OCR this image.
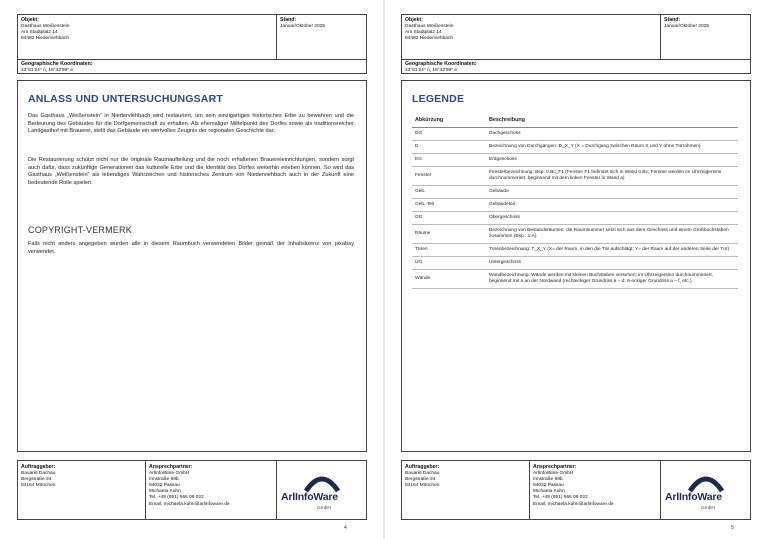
Objekt:
Gasthaus Weißenstein
Am Stadtplatz 14
94482 Niederviehbach
Stand:
Januar/Oktober 2025
Geographische Koordinaten:
43°61'24'' n, 18°43'99'' e
ANLASS UND UNTERSUCHUNGSART
Das Gasthaus „Weißenstein“ in Niederviehbach wird restauriert, um sein einzigartiges historisches Erbe zu bewahren und die Bedeutung des Gebäudes für die Dorfgemeinschaft zu erhalten. Als ehemaliger Mittelpunkt des Dorfes sowie als traditionsreicher Landgasthof mit Brauerei, stellt das Gebäude ein wertvolles Zeugnis der regionalen Geschichte dar.
Die Restaurierung schützt nicht nur die originale Raumaufteilung und die noch erhaltenen Brauereieinrichtungen, sondern sorgt auch dafür, dass zukünftige Generationen das kulturelle Erbe und die Identität des Dorfes weiterhin erleben können. So wird das Gasthaus „Weißenstein“ als lebendiges Wahrzeichen und historisches Zentrum von Niederviehbach auch in der Zukunft eine bedeutende Rolle spielen.
COPYRIGHT-VERMERK
Falls nicht anders angegeben wurden alle in diesem Raumbuch verwendeten Bilder gemäß der Inhaltslizenz von pixabay verwendet.
Auftraggeber:
Bauamt Dachau
Bergstraße 34
84164 München
Ansprechpartner:
ArlInfoWare GmbH
Innstraße 69b
94032 Passau
Michaela Kuhn
Tel. +49 (851) 966 09 022
Email: michaela.kuhn@arlinfoware.de
ArlInfoWare
GmbH
4
Objekt:
Gasthaus Weißenstein
Am Stadtplatz 14
94482 Niederviehbach
Stand:
Januar/Oktober 2025
Geographische Koordinaten:
43°61'24'' n, 18°43'99'' e
LEGENDE
Abkürzung	Beschreibung
DG	Dachgeschoss
D	Bezeichnung von Durchgängen: D_X_Y (X = Durchgang zwischen Raum X und Y ohne Türrahmen)
EG	Erdgeschoss
Fenster	Fensterbezeichnung: Bsp. 0.Bc_F1 (Fenster F1 befindet sich in Wand 0.Bc; Fenster werden im Uhrzeigersinn durchnummeriert, beginnend mit dem linken Fenster in Wand a)
Geb.	Gebäude
Geb.-Teil	Gebäudeteil
OG	Obergeschoss
Räume	Bezeichnung von Bestandsräumen: die Raumnummer setzt sich aus dem Geschoss und einem Großbuchstaben zusammen (Bsp.: 1.A)
Türen	Türenbezeichnung: T_X_Y (X= der Raum, in den die Tür aufschlägt; Y= der Raum auf der anderen Seite der Tür)
UG	Untergeschoss
Wände	Wandbezeichnung: Wände werden mit kleinen Buchstaben versehen; im Uhrzeigersinn durchnummeriert, beginnend mit a an der Nordwand (rechteckiger Grundriss a – d; 6-eckiger Grundriss a – f, etc.)
Auftraggeber:
Bauamt Dachau
Bergstraße 34
84164 München
Ansprechpartner:
ArlInfoWare GmbH
Innstraße 69b
94032 Passau
Michaela Kuhn
Tel. +49 (851) 966 09 022
Email: michaela.kuhn@arlinfoware.de
ArlInfoWare
GmbH
5
